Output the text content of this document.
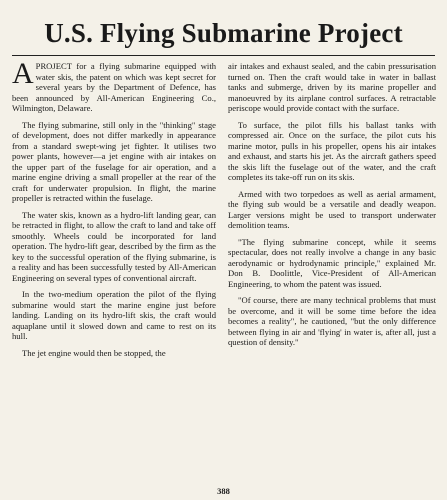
U.S. Flying Submarine Project

A PROJECT for a flying submarine equipped with water skis, the patent on which was kept secret for several years by the Department of Defence, has been announced by All-American Engineering Co., Wilmington, Delaware.

The flying submarine, still only in the "thinking" stage of development, does not differ markedly in appearance from a standard swept-wing jet fighter. It utilises two power plants, however—a jet engine with air intakes on the upper part of the fuselage for air operation, and a marine engine driving a small propeller at the rear of the craft for underwater propulsion. In flight, the marine propeller is retracted within the fuselage.

The water skis, known as a hydro-lift landing gear, can be retracted in flight, to allow the craft to land and take off smoothly. Wheels could be incorporated for land operation. The hydro-lift gear, described by the firm as the key to the successful operation of the flying submarine, is a reality and has been successfully tested by All-American Engineering on several types of conventional aircraft.

In the two-medium operation the pilot of the flying submarine would start the marine engine just before landing. Landing on its hydro-lift skis, the craft would aquaplane until it slowed down and came to rest on its hull.

The jet engine would then be stopped, the

air intakes and exhaust sealed, and the cabin pressurisation turned on. Then the craft would take in water in ballast tanks and submerge, driven by its marine propeller and manoeuvred by its airplane control surfaces. A retractable periscope would provide contact with the surface.

To surface, the pilot fills his ballast tanks with compressed air. Once on the surface, the pilot cuts his marine motor, pulls in his propeller, opens his air intakes and exhaust, and starts his jet. As the aircraft gathers speed the skis lift the fuselage out of the water, and the craft completes its take-off run on its skis.

Armed with two torpedoes as well as aerial armament, the flying sub would be a versatile and deadly weapon. Larger versions might be used to transport underwater demolition teams.

"The flying submarine concept, while it seems spectacular, does not really involve a change in any basic aerodynamic or hydrodynamic principle," explained Mr. Don B. Doolittle, Vice-President of All-American Engineering, to whom the patent was issued.

"Of course, there are many technical problems that must be overcome, and it will be some time before the idea becomes a reality", he cautioned, "but the only difference between flying in air and 'flying' in water is, after all, just a question of density."

388
